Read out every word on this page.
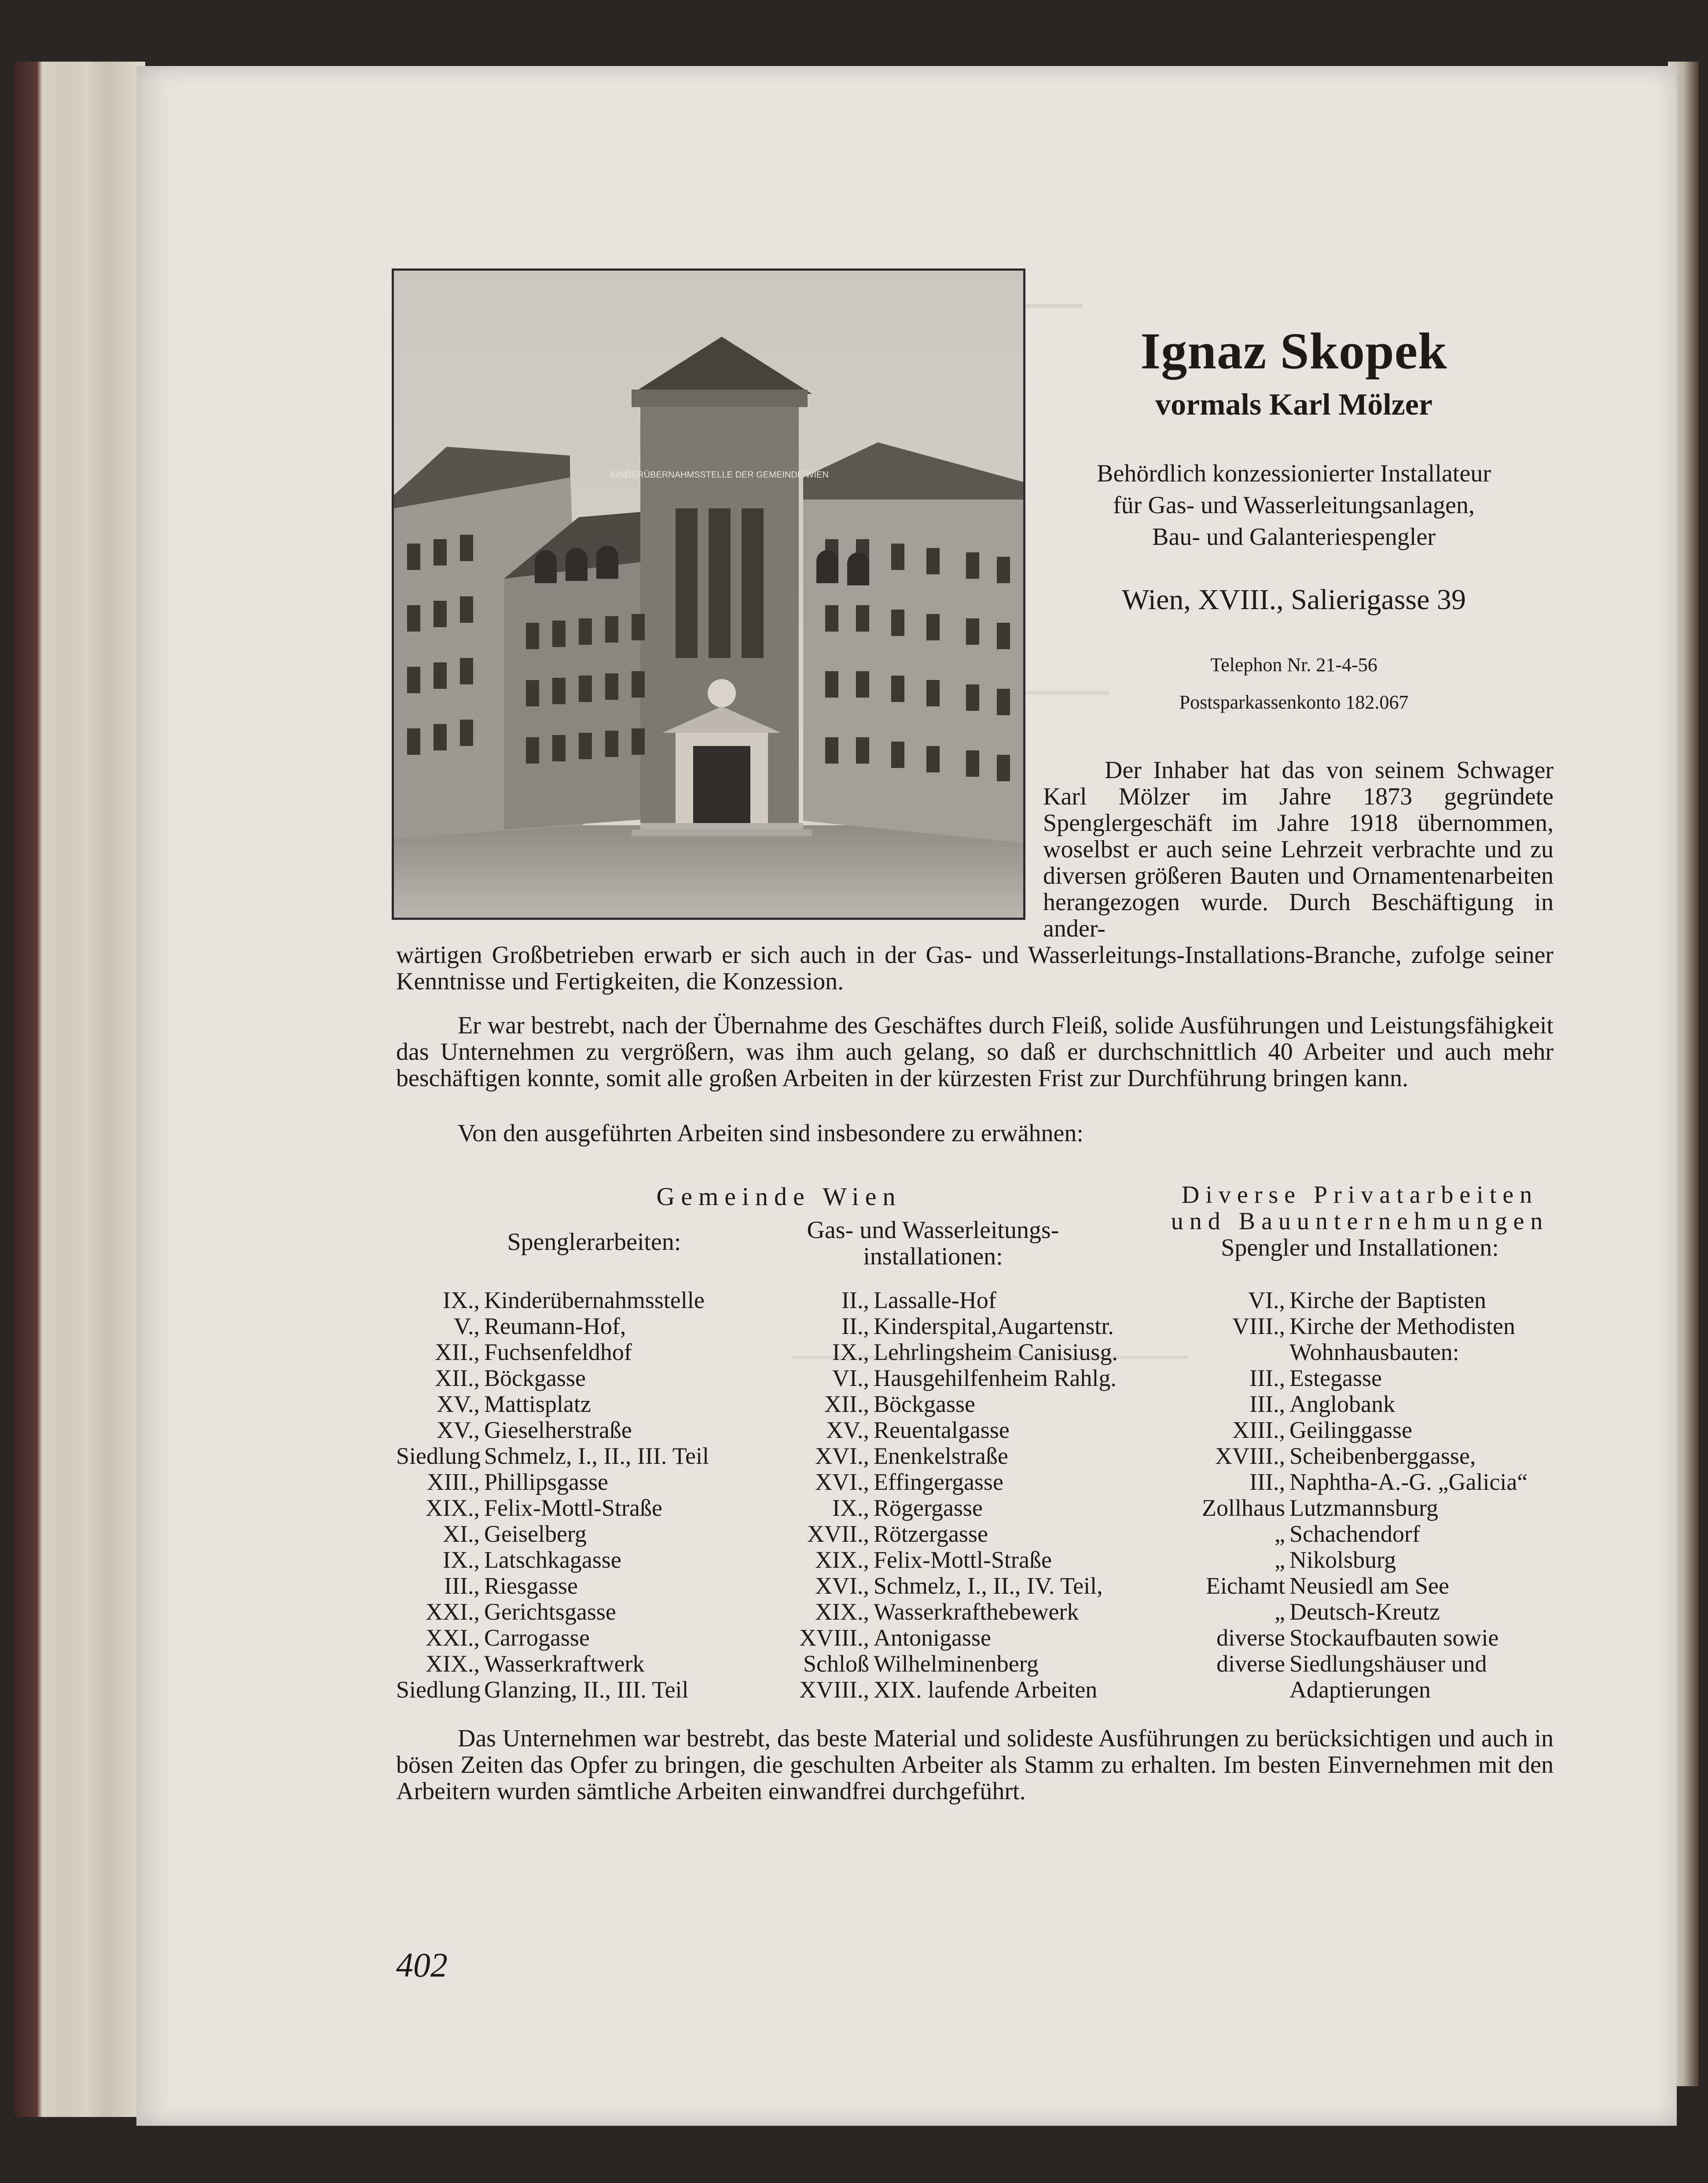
KINDERÜBERNAHMSSTELLE DER GEMEINDE WIEN
Ignaz Skopek
vormals Karl Mölzer
Behördlich konzessionierter Installateur
für Gas- und Wasserleitungsanlagen,
Bau- und Galanteriespengler
Wien, XVIII., Salierigasse 39
Telephon Nr. 21-4-56
Postsparkassenkonto 182.067
Der Inhaber hat das von seinem Schwager Karl Mölzer im Jahre 1873 gegründete Spenglergeschäft im Jahre 1918 übernommen, woselbst er auch seine Lehrzeit verbrachte und zu diversen größeren Bauten und Ornamentenarbeiten herangezogen wurde. Durch Beschäftigung in ander-
wärtigen Großbetrieben erwarb er sich auch in der Gas- und Wasserleitungs-Installations-Branche, zufolge seiner Kenntnisse und Fertigkeiten, die Konzession.
Er war bestrebt, nach der Übernahme des Geschäftes durch Fleiß, solide Ausführungen und Leistungsfähigkeit das Unternehmen zu vergrößern, was ihm auch gelang, so daß er durchschnittlich 40 Arbeiter und auch mehr beschäftigen konnte, somit alle großen Arbeiten in der kürzesten Frist zur Durchführung bringen kann.
Von den ausgeführten Arbeiten sind insbesondere zu erwähnen:
Gemeinde Wien
Spenglerarbeiten:	Gas- und Wasserleitungs-
installationen:
Diverse Privatarbeiten
und Bauunternehmungen
Spengler und Installationen:
IX., Kinderübernahmsstelle
V., Reumann-Hof,
XII., Fuchsenfeldhof
XII., Böckgasse
XV., Mattisplatz
XV., Gieselherstraße
Siedlung Schmelz, I., II., III. Teil
XIII., Phillipsgasse
XIX., Felix-Mottl-Straße
XI., Geiselberg
IX., Latschkagasse
III., Riesgasse
XXI., Gerichtsgasse
XXI., Carrogasse
XIX., Wasserkraftwerk
Siedlung Glanzing, II., III. Teil
II., Lassalle-Hof
II., Kinderspital,Augartenstr.
IX., Lehrlingsheim Canisiusg.
VI., Hausgehilfenheim Rahlg.
XII., Böckgasse
XV., Reuentalgasse
XVI., Enenkelstraße
XVI., Effingergasse
IX., Rögergasse
XVII., Rötzergasse
XIX., Felix-Mottl-Straße
XVI., Schmelz, I., II., IV. Teil,
XIX., Wasserkrafthebewerk
XVIII., Antonigasse
Schloß Wilhelminenberg
XVIII., XIX. laufende Arbeiten
VI., Kirche der Baptisten
VIII., Kirche der Methodisten
Wohnhausbauten:
III., Estegasse
III., Anglobank
XIII., Geilinggasse
XVIII., Scheibenberggasse,
III., Naphtha-A.-G. „Galicia“
Zollhaus Lutzmannsburg
„ Schachendorf
„ Nikolsburg
Eichamt Neusiedl am See
„ Deutsch-Kreutz
diverse Stockaufbauten sowie
diverse Siedlungshäuser und
Adaptierungen
Das Unternehmen war bestrebt, das beste Material und solideste Ausführungen zu berücksichtigen und auch in bösen Zeiten das Opfer zu bringen, die geschulten Arbeiter als Stamm zu erhalten. Im besten Einvernehmen mit den Arbeitern wurden sämtliche Arbeiten einwandfrei durchgeführt.
402
